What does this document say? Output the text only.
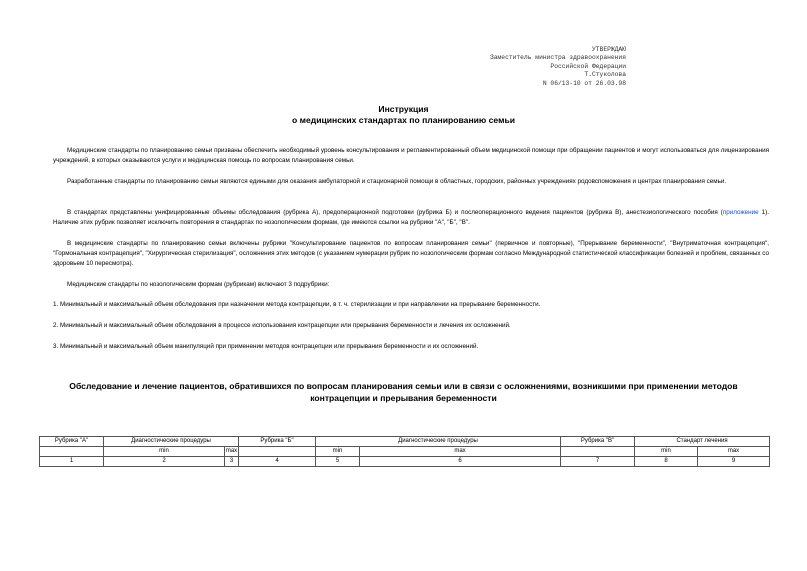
УТВЕРЖДАЮ
Заместитель министра здравоохранения
Российской Федерации
Т.Стуколова
N 06/13-10 от 26.03.98
Инструкция
о медицинских стандартах по планированию семьи
Медицинские стандарты по планированию семьи призваны обеспечить необходимый уровень консультирования и регламентированный объем медицинской помощи при обращении пациентов и могут использоваться для лицензирования учреждений, в которых оказываются услуги и медицинская помощь по вопросам планирования семьи.
Разработанные стандарты по планированию семьи являются едиными для оказания амбулаторной и стационарной помощи в областных, городских, районных учреждениях родовспоможения и центрах планирования семьи.
В стандартах представлены унифицированные объемы обследования (рубрика А), предоперационной подготовки (рубрика Б) и послеоперационного ведения пациентов (рубрика В), анестезиологического пособия (приложение 1). Наличие этих рубрик позволяет исключить повторения в стандартах по нозологическим формам, где имеются ссылки на рубрики "А", "Б", "В".
В медицинские стандарты по планированию семьи включены рубрики "Консультирование пациентов по вопросам планирования семьи" (первичное и повторные), "Прерывание беременности", "Внутриматочная контрацепция", "Гормональная контрацепция", "Хирургическая стерилизация", осложнения этих методов (с указанием нумерации рубрик по нозологическим формам согласно Международной статистической классификации болезней и проблем, связанных со здоровьем 10 пересмотра).
Медицинские стандарты по нозологическим формам (рубрикам) включают 3 подрубрики:
1. Минимальный и максимальный объем обследования при назначении метода контрацепции, в т. ч. стерилизации и при направлении на прерывание беременности.
2. Минимальный и максимальный объем обследования в процессе использования контрацепции или прерывания беременности и лечения их осложнений.
3. Минимальный и максимальный объем манипуляций при применении методов контрацепции или прерывания беременности и их осложнений.
Обследование и лечение пациентов, обратившихся по вопросам планирования семьи или в связи с осложнениями, возникшими при применении методов
контрацепции и прерывания беременности
Рубрика "А"	Диагностические процедуры		Рубрика "Б"	Диагностические процедуры		Рубрика "В"	Стандарт лечения	
	min	max		min	max		min	max
1	2	3	4	5	6	7	8	9
